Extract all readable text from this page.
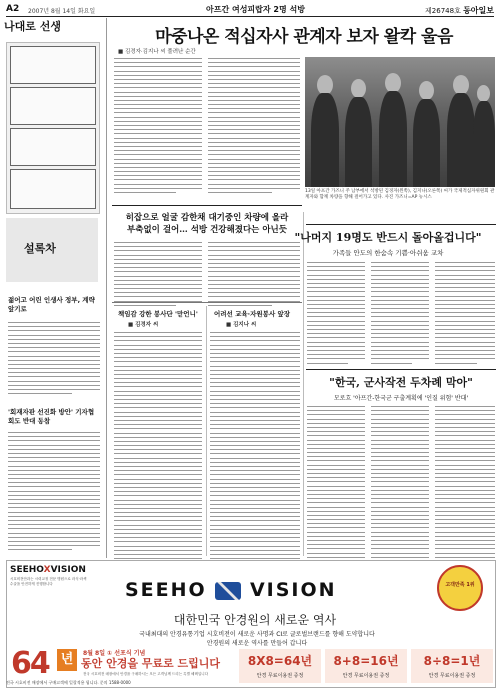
A2 2007년 8월 14일 화요일	아프간 여성피랍자 2명 석방	제26748호 동아일보
나대로 선생
설록차
젊어고 어린 인생사 정부, 계략 앞기로
'회재자판 선진화 방안' 기자협회도 반대 동참
마중나온 적십자사 관계자 보자 왈칵 울음
■ 김경자·김지나 씨 풀려난 순간
13일 아프간 가즈니 주 남부에서 석방된 김경자(왼쪽), 김지나(오른쪽) 씨가 국제적십자위원회 관계자와 함께 차량을 향해 걸어가고 있다. 사진 가즈니=AP 뉴시스
히잡으로 얼굴 감한채 대기중인 차량에 올라
부축없이 걸어… 석방 건강해졌다는 아닌듯
책임감 강한 봉사단 '맏언니'
■ 김경자 씨
어려선 교육·자원봉사 앞장
■ 김지나 씨
"나머지 19명도 반드시 돌아올겁니다"
가족들 안도의 한숨속 기쁨·아쉬움 교차
"한국, 군사작전 두차례 막아"
모로흐 '아프간-한국군 구출계획에 '인질 위험' 반대'
SEEHOXVISION
시호비전안과는 시력교정 전문 병원으로 라식·라섹 수술을 안전하게 진행합니다	SEEHO VISION
대한민국 안경원의 새로운 역사
국내최대의 안경유통기업 시호비전이 새로운 사명과 CI로 글로벌브랜드를 향해 도약합니다
안경원의 새로운 역사를 만들어 갑니다
고객만족 1위
64 년	8월 8일 ① 선포식 기념
동안 안경을 무료로 드립니다
전국 시호비전 매장에서 안경을 구매하시는 모든 고객님께 드리는 특별 혜택입니다
8X8=64년
안경 무료이용권 증정
8+8=16년
안경 무료이용권 증정
8÷8=1년
안경 무료이용권 증정
전국 시호비전 매장에서 구매고객에 일괄적용 됩니다. 문의 1588-0000
